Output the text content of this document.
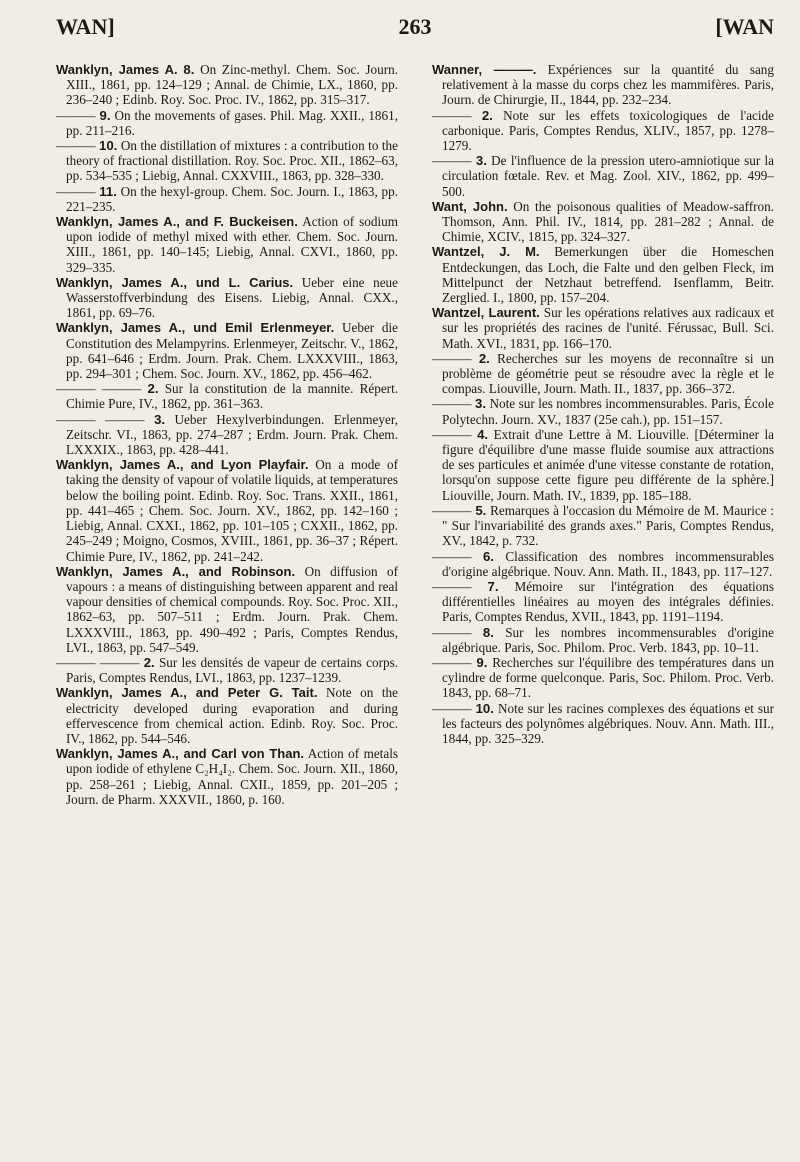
WAN]	263	[WAN

Wanklyn, James A. 8. On Zinc-methyl. Chem. Soc. Journ. XIII., 1861, pp. 124–129 ; Annal. de Chimie, LX., 1860, pp. 236–240 ; Edinb. Roy. Soc. Proc. IV., 1862, pp. 315–317.

——— 9. On the movements of gases. Phil. Mag. XXII., 1861, pp. 211–216.

——— 10. On the distillation of mixtures : a contribution to the theory of fractional distillation. Roy. Soc. Proc. XII., 1862–63, pp. 534–535 ; Liebig, Annal. CXXVIII., 1863, pp. 328–330.

——— 11. On the hexyl-group. Chem. Soc. Journ. I., 1863, pp. 221–235.

Wanklyn, James A., and F. Buckeisen. Action of sodium upon iodide of methyl mixed with ether. Chem. Soc. Journ. XIII., 1861, pp. 140–145; Liebig, Annal. CXVI., 1860, pp. 329–335.

Wanklyn, James A., und L. Carius. Ueber eine neue Wasserstoffverbindung des Eisens. Liebig, Annal. CXX., 1861, pp. 69–76.

Wanklyn, James A., und Emil Erlenmeyer. Ueber die Constitution des Melampyrins. Erlenmeyer, Zeitschr. V., 1862, pp. 641–646 ; Erdm. Journ. Prak. Chem. LXXXVIII., 1863, pp. 294–301 ; Chem. Soc. Journ. XV., 1862, pp. 456–462.

——— ——— 2. Sur la constitution de la mannite. Répert. Chimie Pure, IV., 1862, pp. 361–363.

——— ——— 3. Ueber Hexylverbindungen. Erlenmeyer, Zeitschr. VI., 1863, pp. 274–287 ; Erdm. Journ. Prak. Chem. LXXXIX., 1863, pp. 428–441.

Wanklyn, James A., and Lyon Playfair. On a mode of taking the density of vapour of volatile liquids, at temperatures below the boiling point. Edinb. Roy. Soc. Trans. XXII., 1861, pp. 441–465 ; Chem. Soc. Journ. XV., 1862, pp. 142–160 ; Liebig, Annal. CXXI., 1862, pp. 101–105 ; CXXII., 1862, pp. 245–249 ; Moigno, Cosmos, XVIII., 1861, pp. 36–37 ; Répert. Chimie Pure, IV., 1862, pp. 241–242.

Wanklyn, James A., and Robinson. On diffusion of vapours : a means of distinguishing between apparent and real vapour densities of chemical compounds. Roy. Soc. Proc. XII., 1862–63, pp. 507–511 ; Erdm. Journ. Prak. Chem. LXXXVIII., 1863, pp. 490–492 ; Paris, Comptes Rendus, LVI., 1863, pp. 547–549.

——— ——— 2. Sur les densités de vapeur de certains corps. Paris, Comptes Rendus, LVI., 1863, pp. 1237–1239.

Wanklyn, James A., and Peter G. Tait. Note on the electricity developed during evaporation and during effervescence from chemical action. Edinb. Roy. Soc. Proc. IV., 1862, pp. 544–546.

Wanklyn, James A., and Carl von Than. Action of metals upon iodide of ethylene C₂H₄I₂. Chem. Soc. Journ. XII., 1860, pp. 258–261 ; Liebig, Annal. CXII., 1859, pp. 201–205 ; Journ. de Pharm. XXXVII., 1860, p. 160.

Wanner, ———. Expériences sur la quantité du sang relativement à la masse du corps chez les mammifères. Paris, Journ. de Chirurgie, II., 1844, pp. 232–234.

——— 2. Note sur les effets toxicologiques de l'acide carbonique. Paris, Comptes Rendus, XLIV., 1857, pp. 1278–1279.

——— 3. De l'influence de la pression utero-amniotique sur la circulation fœtale. Rev. et Mag. Zool. XIV., 1862, pp. 499–500.

Want, John. On the poisonous qualities of Meadow-saffron. Thomson, Ann. Phil. IV., 1814, pp. 281–282 ; Annal. de Chimie, XCIV., 1815, pp. 324–327.

Wantzel, J. M. Bemerkungen über die Homeschen Entdeckungen, das Loch, die Falte und den gelben Fleck, im Mittelpunct der Netzhaut betreffend. Isenflamm, Beitr. Zerglied. I., 1800, pp. 157–204.

Wantzel, Laurent. Sur les opérations relatives aux radicaux et sur les propriétés des racines de l'unité. Férussac, Bull. Sci. Math. XVI., 1831, pp. 166–170.

——— 2. Recherches sur les moyens de reconnaître si un problème de géométrie peut se résoudre avec la règle et le compas. Liouville, Journ. Math. II., 1837, pp. 366–372.

——— 3. Note sur les nombres incommensurables. Paris, École Polytechn. Journ. XV., 1837 (25e cah.), pp. 151–157.

——— 4. Extrait d'une Lettre à M. Liouville. [Déterminer la figure d'équilibre d'une masse fluide soumise aux attractions de ses particules et animée d'une vitesse constante de rotation, lorsqu'on suppose cette figure peu différente de la sphère.] Liouville, Journ. Math. IV., 1839, pp. 185–188.

——— 5. Remarques à l'occasion du Mémoire de M. Maurice : " Sur l'invariabilité des grands axes." Paris, Comptes Rendus, XV., 1842, p. 732.

——— 6. Classification des nombres incommensurables d'origine algébrique. Nouv. Ann. Math. II., 1843, pp. 117–127.

——— 7. Mémoire sur l'intégration des équations différentielles linéaires au moyen des intégrales définies. Paris, Comptes Rendus, XVII., 1843, pp. 1191–1194.

——— 8. Sur les nombres incommensurables d'origine algébrique. Paris, Soc. Philom. Proc. Verb. 1843, pp. 10–11.

——— 9. Recherches sur l'équilibre des températures dans un cylindre de forme quelconque. Paris, Soc. Philom. Proc. Verb. 1843, pp. 68–71.

——— 10. Note sur les racines complexes des équations et sur les facteurs des polynômes algébriques. Nouv. Ann. Math. III., 1844, pp. 325–329.
